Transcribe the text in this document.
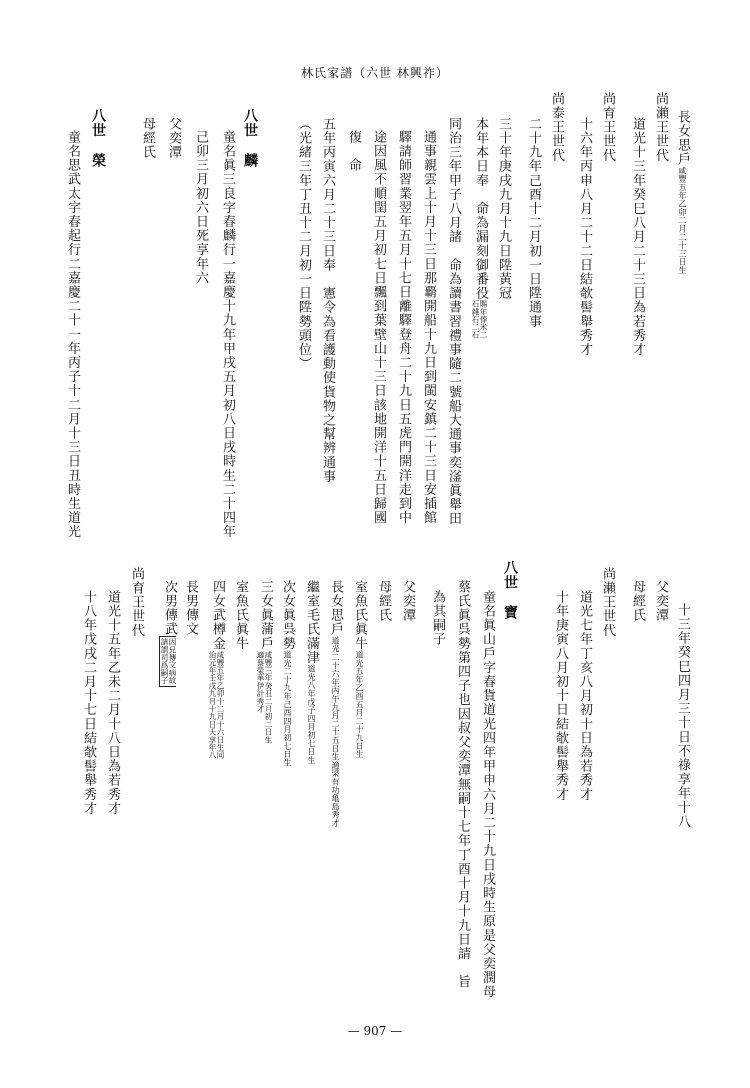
林氏家譜（六世 林興祚）
長女思戶咸豐五年乙卯二月二十三日生
尚瀨王世代
道光十三年癸巳八月二十三日為若秀才
尚育王世代
十六年丙申八月二十二日結欹髻舉秀才
尚泰王世代
二十九年己酉十二月初一日陞通事
三十年庚戌九月十九日陞黃冠
本年本日奉　命為漏刻御番役
賜年俸米二
石雜石二石
同治三年甲子八月諸　命為讀書習禮事隨二號船大通事奕滏眞舉田
通事親雲上十月十三日那覇開船十九日到閩安鎮二十三日安插館
驛請師習業翌年五月十七日離驛登舟二十九日五虎門開洋走到中
途因風不順閏五月初七日飄到葉壁山十三日該地開洋十五日歸國
復　命
五年丙寅六月二十三日奉　憲令為看護動使貨物之幫辨通事
（光緒三年丁丑十二月初一日陞勢頭位）
八世　麟
童名眞三良字春麟行一嘉慶十九年甲戌五月初八日戌時生二十四年
己卯三月初六日死享年六
父奕潭
母經氏
八世　榮
童名思武太字春起行二嘉慶二十一年丙子十二月十三日丑時生道光
十三年癸巳四月三十日不祿享年十八
父奕潭
母經氏
尚瀨王世代
道光七年丁亥八月初十日為若秀才
十年庚寅八月初十日結欹髻舉秀才
八世　寶
童名眞山戶字春貨道光四年甲申六月二十九日戌時生原是父奕潤母
蔡氏眞呉勢第四子也因叔父奕潭無嗣十七年丁酉十月十九日請　旨
為其嗣子
父奕潭
母經氏
室魚氏眞牛道光五年乙酉五月二十九日生
長女思戶道光二十六年丙午九月二十五日生適梁有功亀島秀才
繼室毛氏滿津道光八年戊子四月初七日生
次女眞呉勢道光二十九年己酉四月初七日生
三女眞蒲戶
咸豐三年癸丑二月初二日生
適蔡榮華伊計秀才
室魚氏眞牛
四女武樽金
咸豐五年乙卯十二月十六日生同
治元年壬戌九月十九日夭享年八
長男傳文
次男傳武
因兄傳文病故
請謂司爲嗣子
尚育王世代
道光十五年乙未二月十八日為若秀才
十八年戊戌二月十七日結欹髻舉秀才
— 907 —
